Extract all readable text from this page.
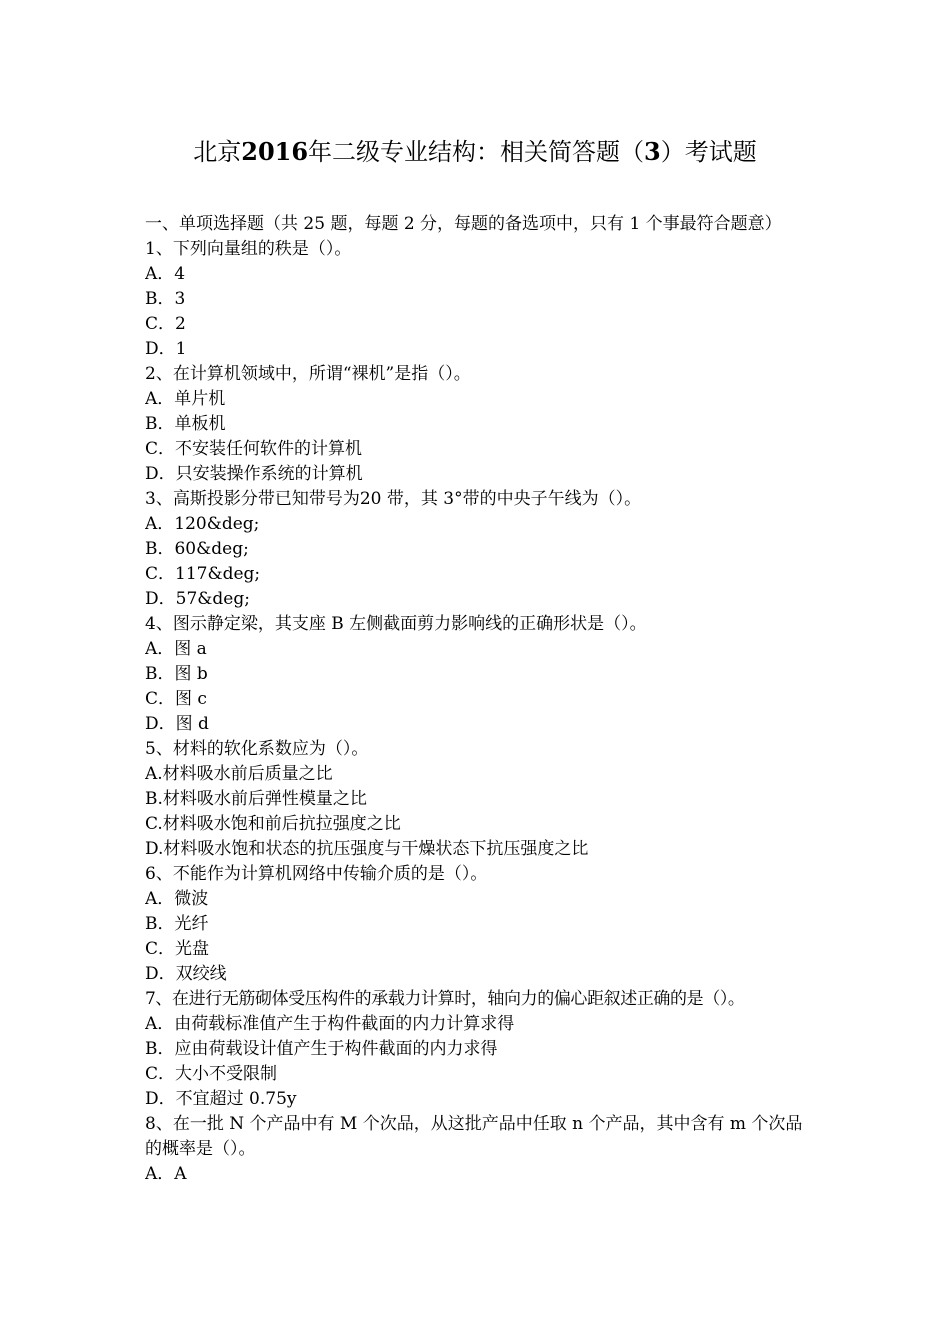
北京2016年二级专业结构：相关简答题（3）考试题
一、单项选择题（共 25 题，每题 2 分，每题的备选项中，只有 1 个事最符合题意）
1、下列向量组的秩是（）。
A．4
B．3
C．2
D．1
2、在计算机领域中，所谓“裸机”是指（）。
A．单片机
B．单板机
C．不安装任何软件的计算机
D．只安装操作系统的计算机
3、高斯投影分带已知带号为20 带，其 3°带的中央子午线为（）。
A．120&deg;
B．60&deg;
C．117&deg;
D．57&deg;
4、图示静定梁，其支座 B 左侧截面剪力影响线的正确形状是（）。
A．图 a
B．图 b
C．图 c
D．图 d
5、材料的软化系数应为（）。
A.材料吸水前后质量之比
B.材料吸水前后弹性模量之比
C.材料吸水饱和前后抗拉强度之比
D.材料吸水饱和状态的抗压强度与干燥状态下抗压强度之比
6、不能作为计算机网络中传输介质的是（）。
A．微波
B．光纤
C．光盘
D．双绞线
7、在进行无筋砌体受压构件的承载力计算时，轴向力的偏心距叙述正确的是（）。
A．由荷载标准值产生于构件截面的内力计算求得
B．应由荷载设计值产生于构件截面的内力求得
C．大小不受限制
D．不宜超过 0.75y
8、在一批 N 个产品中有 M 个次品，从这批产品中任取 n 个产品，其中含有 m 个次品的概率是（）。
A．A
